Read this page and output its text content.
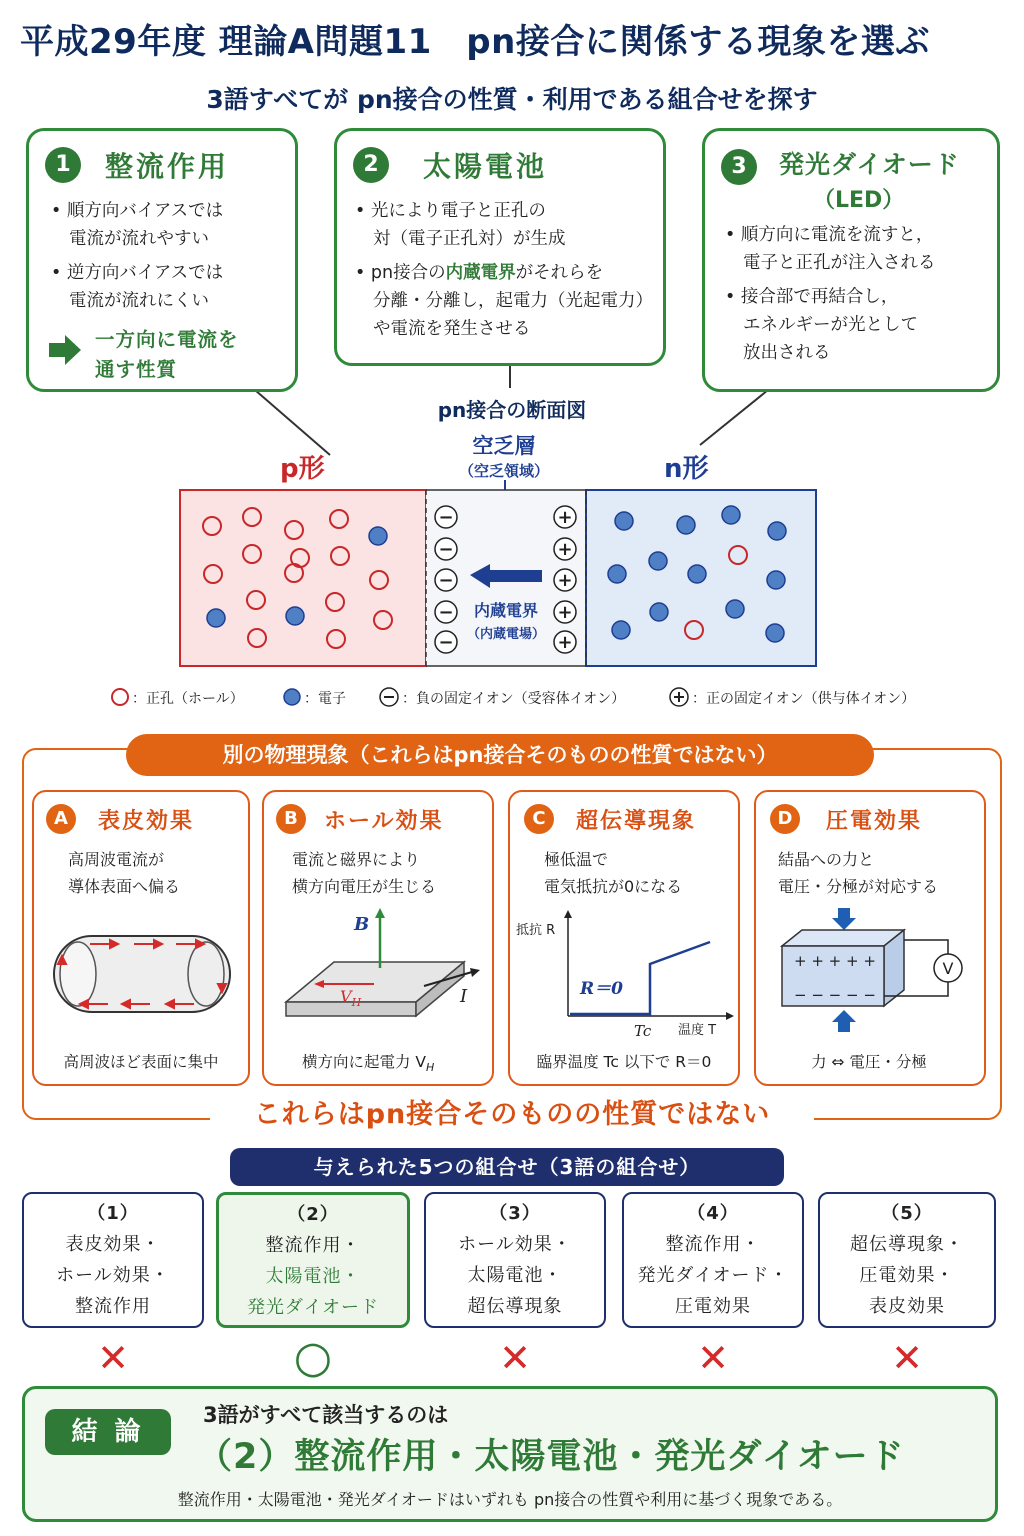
平成29年度 理論A問題11　pn接合に関係する現象を選ぶ
3語すべてが pn接合の性質・利用である組合せを探す
1	整流作用
• 順方向バイアスでは
電流が流れやすい
• 逆方向バイアスでは
電流が流れにくい
一方向に電流を
通す性質
2	太陽電池
• 光により電子と正孔の
対（電子正孔対）が生成
• pn接合の内蔵電界がそれらを
分離・分離し，起電力（光起電力）
や電流を発生させる
3	発光ダイオード
（LED）
• 順方向に電流を流すと，
電子と正孔が注入される
• 接合部で再結合し，
エネルギーが光として
放出される
pn接合の断面図
p形	n形
空乏層
（空乏領域）
−
−
−
−
−
+
+
+
+
+
内蔵電界
（内蔵電場）
：正孔（ホール）	：電子	：負の固定イオン（受容体イオン）	：正の固定イオン（供与体イオン）
別の物理現象（これらはpn接合そのものの性質ではない）
A	表皮効果
高周波電流が
導体表面へ偏る
高周波ほど表面に集中
B	ホール効果
電流と磁界により
横方向電圧が生じる
B
$V_H$	I
横方向に起電力 $V_H$
C	超伝導現象
極低温で
電気抵抗が0になる
抵抗 R
R＝0
Tc 温度 T
臨界温度 Tc 以下で R＝0
D	圧電効果
結晶への力と
電圧・分極が対応する
+ + + + +
− − − − −
V
力 ⇔ 電圧・分極
これらはpn接合そのものの性質ではない
与えられた5つの組合せ（3語の組合せ）
（1）
表皮効果・
ホール効果・
整流作用
（2）
整流作用・
太陽電池・
発光ダイオード
（3）
ホール効果・
太陽電池・
超伝導現象
（4）
整流作用・
発光ダイオード・
圧電効果
（5）
超伝導現象・
圧電効果・
表皮効果
✕	○	✕	✕	✕
結 論
3語がすべて該当するのは
（2）整流作用・太陽電池・発光ダイオード
整流作用・太陽電池・発光ダイオードはいずれも pn接合の性質や利用に基づく現象である。
